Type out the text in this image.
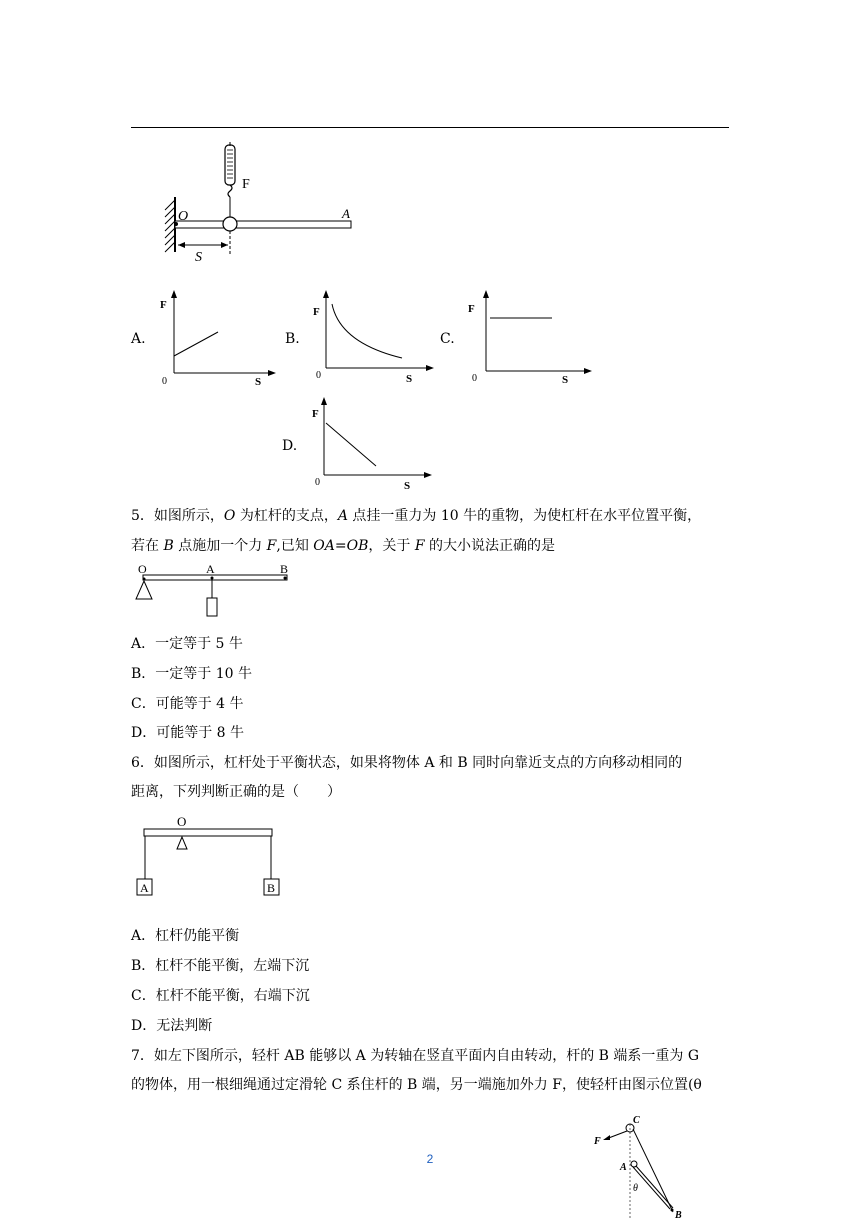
F
O	A
S
A.
F
0	S
B.
F
0	S
C.
F
0	S
D.
F
0	S
5．如图所示，O 为杠杆的支点，A 点挂一重力为 10 牛的重物，为使杠杆在水平位置平衡，
若在 B 点施加一个力 F,已知 OA=OB，关于 F 的大小说法正确的是
O	A	B
A．一定等于 5 牛
B．一定等于 10 牛
C．可能等于 4 牛
D．可能等于 8 牛
6．如图所示，杠杆处于平衡状态，如果将物体 A 和 B 同时向靠近支点的方向移动相同的
距离，下列判断正确的是（　　）
O
A	B
A．杠杆仍能平衡
B．杠杆不能平衡，左端下沉
C．杠杆不能平衡，右端下沉
D．无法判断
7．如左下图所示，轻杆 AB 能够以 A 为转轴在竖直平面内自由转动，杆的 B 端系一重为 G
的物体，用一根细绳通过定滑轮 C 系住杆的 B 端，另一端施加外力 F，使轻杆由图示位置(θ
2
C
F
A
θ
B
